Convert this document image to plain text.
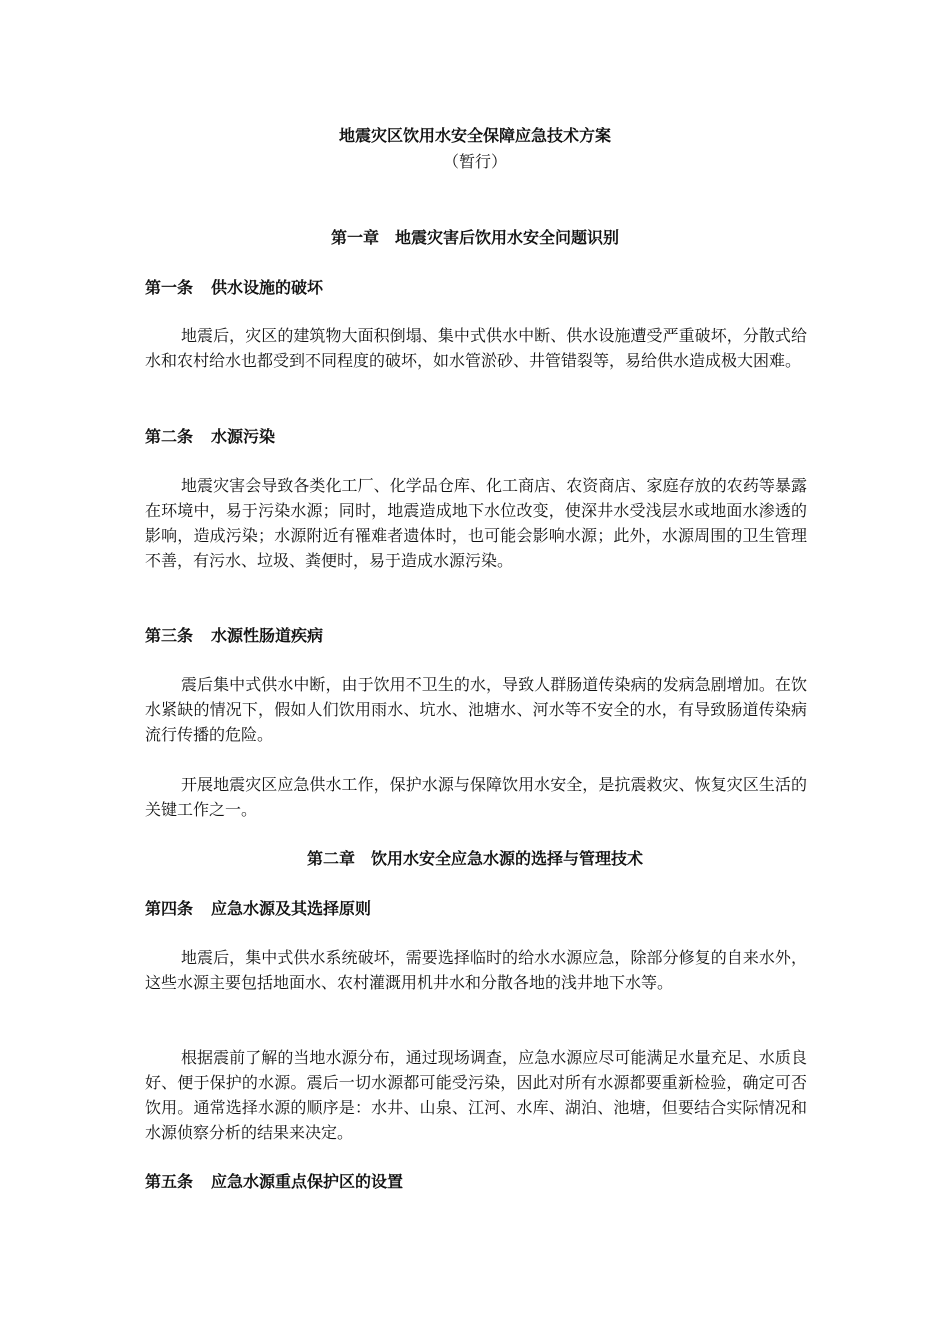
地震灾区饮用水安全保障应急技术方案
（暂行）
第一章　地震灾害后饮用水安全问题识别
第一条 供水设施的破坏
地震后，灾区的建筑物大面积倒塌、集中式供水中断、供水设施遭受严重破坏，分散式给水和农村给水也都受到不同程度的破坏，如水管淤砂、井管错裂等，易给供水造成极大困难。
第二条 水源污染
地震灾害会导致各类化工厂、化学品仓库、化工商店、农资商店、家庭存放的农药等暴露在环境中，易于污染水源；同时，地震造成地下水位改变，使深井水受浅层水或地面水渗透的影响，造成污染；水源附近有罹难者遗体时，也可能会影响水源；此外，水源周围的卫生管理不善，有污水、垃圾、粪便时，易于造成水源污染。
第三条 水源性肠道疾病
震后集中式供水中断，由于饮用不卫生的水，导致人群肠道传染病的发病急剧增加。在饮水紧缺的情况下，假如人们饮用雨水、坑水、池塘水、河水等不安全的水，有导致肠道传染病流行传播的危险。
开展地震灾区应急供水工作，保护水源与保障饮用水安全，是抗震救灾、恢复灾区生活的关键工作之一。
第二章　饮用水安全应急水源的选择与管理技术
第四条 应急水源及其选择原则
地震后，集中式供水系统破坏，需要选择临时的给水水源应急，除部分修复的自来水外，这些水源主要包括地面水、农村灌溉用机井水和分散各地的浅井地下水等。
根据震前了解的当地水源分布，通过现场调查，应急水源应尽可能满足水量充足、水质良好、便于保护的水源。震后一切水源都可能受污染，因此对所有水源都要重新检验，确定可否饮用。通常选择水源的顺序是：水井、山泉、江河、水库、湖泊、池塘，但要结合实际情况和水源侦察分析的结果来决定。
第五条 应急水源重点保护区的设置
